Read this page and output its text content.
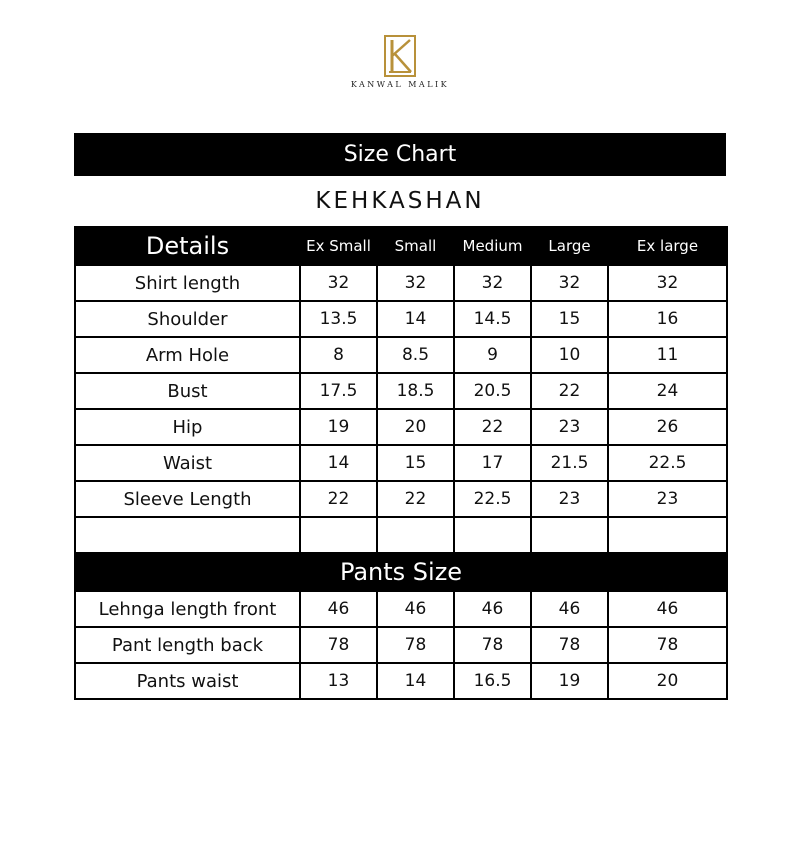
KANWAL MALIK
Size Chart
KEHKASHAN
Details	Ex Small	Small	Medium	Large	Ex large
Shirt length	32	32	32	32	32
Shoulder	13.5	14	14.5	15	16
Arm Hole	8	8.5	9	10	11
Bust	17.5	18.5	20.5	22	24
Hip	19	20	22	23	26
Waist	14	15	17	21.5	22.5
Sleeve Length	22	22	22.5	23	23

Pants Size					
Lehnga length front	46	46	46	46	46
Pant length back	78	78	78	78	78
Pants waist	13	14	16.5	19	20
